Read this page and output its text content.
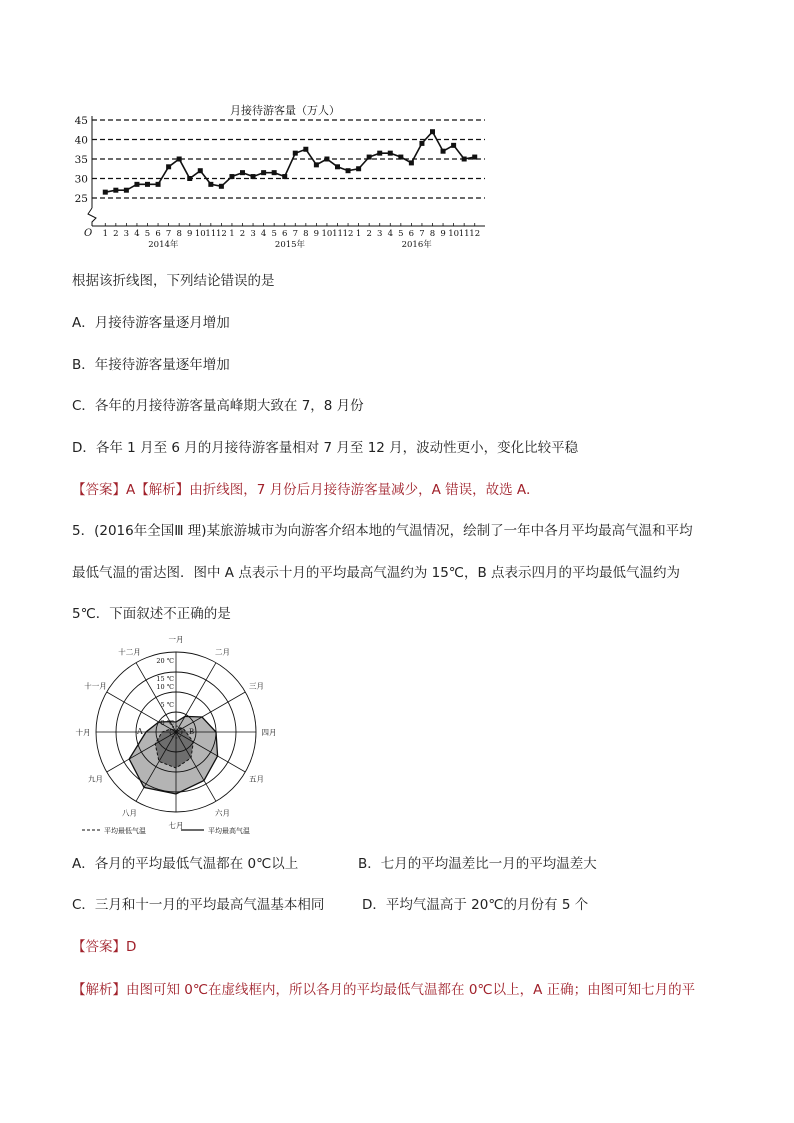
月接待游客量（万人）
25
30
35
40
45
O 1 2 3 4 5 6 7 8 9 10 11 12 1 2 3 4 5 6 7 8 9 10 11 12 1 2 3 4 5 6 7 8 9 10 11 12
2014年	2015年	2016年
根据该折线图，下列结论错误的是
A．月接待游客量逐月增加
B．年接待游客量逐年增加
C．各年的月接待游客量高峰期大致在 7，8 月份
D．各年 1 月至 6 月的月接待游客量相对 7 月至 12 月，波动性更小，变化比较平稳
【答案】A【解析】由折线图，7 月份后月接待游客量减少，A 错误，故选 A．
5．(2016年全国Ⅲ 理)某旅游城市为向游客介绍本地的气温情况，绘制了一年中各月平均最高气温和平均
最低气温的雷达图．图中 A 点表示十月的平均最高气温约为 15℃，B 点表示四月的平均最低气温约为
5℃．下面叙述不正确的是
一月
二月
三月
四月
五月
六月
七月
八月
九月
十月
十一月
十二月
20 ℃
15 ℃
10 ℃
5 ℃
0 ℃
A	B
平均最低气温	平均最高气温
A．各月的平均最低气温都在 0℃以上	B．七月的平均温差比一月的平均温差大
C．三月和十一月的平均最高气温基本相同	D．平均气温高于 20℃的月份有 5 个
【答案】D
【解析】由图可知 0℃在虚线框内，所以各月的平均最低气温都在 0℃以上，A 正确；由图可知七月的平
